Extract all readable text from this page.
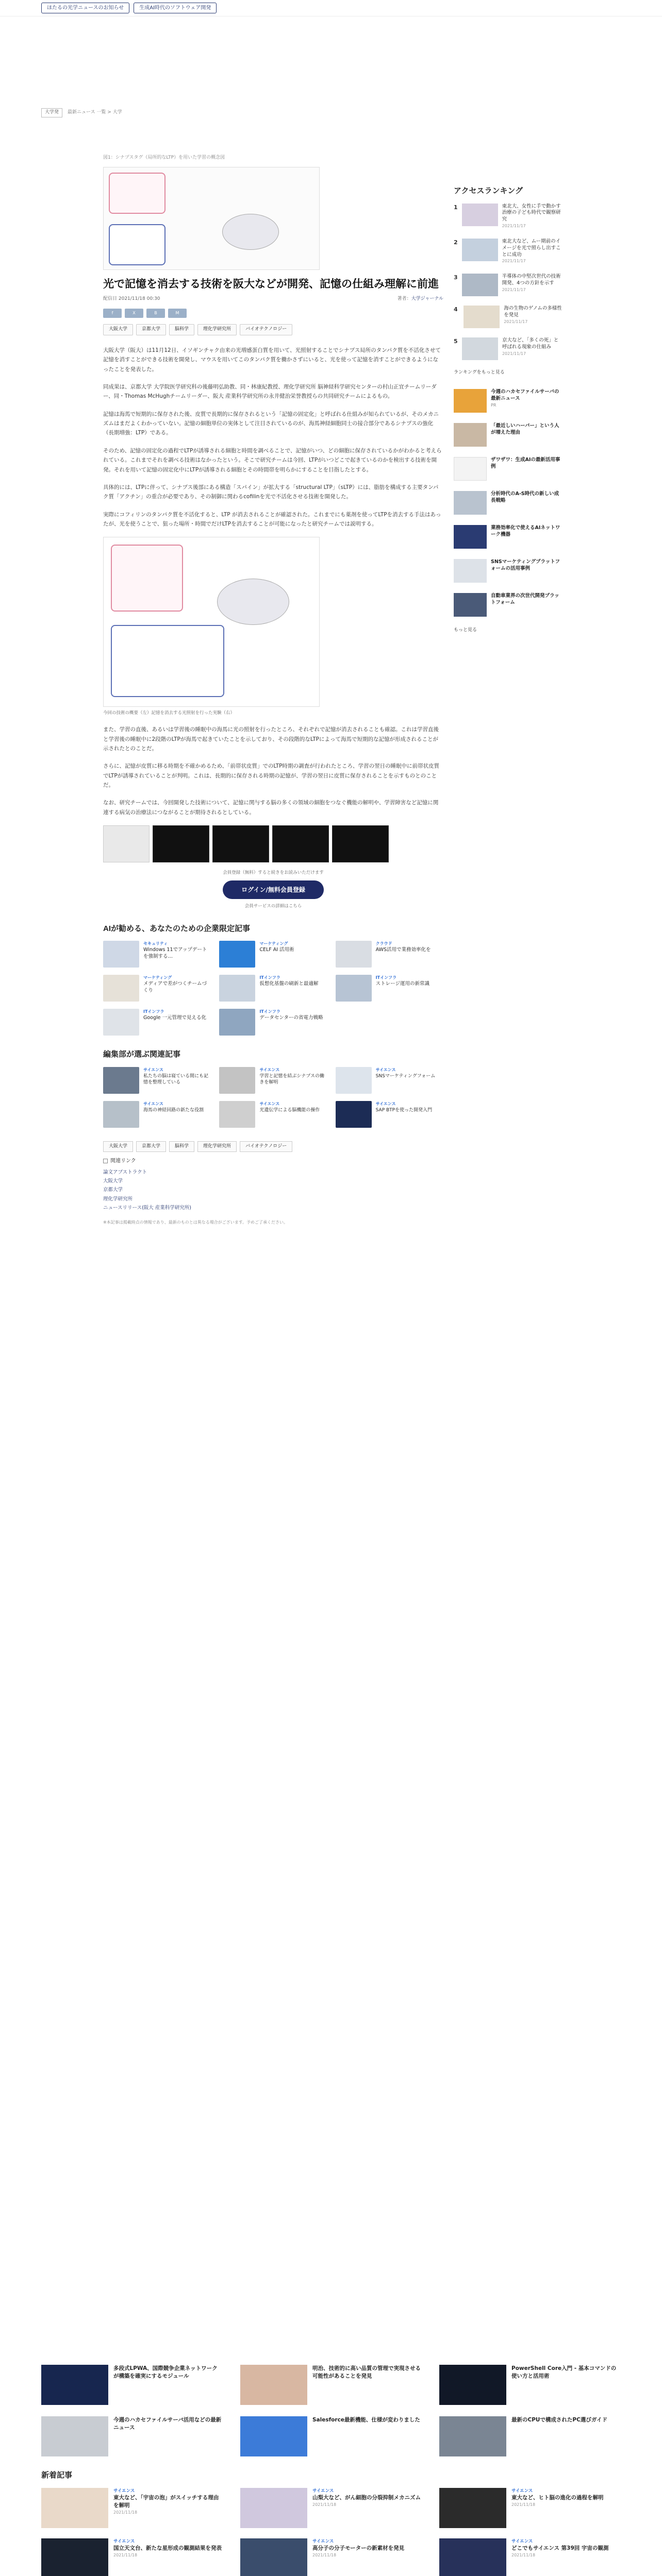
ほたるの光学ニュースのお知らせ	生成AI時代のソフトウェア開発
大学発	最新ニュース 一覧 > 大学
図1：シナプスタグ（局所的なLTP）を用いた学習の概念図
光で記憶を消去する技術を阪大などが開発、記憶の仕組み理解に前進
配信日 2021/11/18 00:30	著者：大学ジャーナル
f	X	B	M
大阪大学	京都大学	脳科学	理化学研究所	バイオテクノロジー

大阪大学（阪大）は11月12日、イソギンチャク由来の光増感蛋白質を用いて、光照射することでシナプス局所のタンパク質を不活化させて記憶を消すことができる技術を開発し、マウスを用いてこのタンパク質を働かさずにいると、光を使って記憶を消すことができるようになったことを発表した。

同成果は、京都大学 大学院医学研究科の後藤明弘助教、同・林康紀教授、理化学研究所 脳神経科学研究センターの村山正宜チームリーダー、同・Thomas McHughチームリーダー、阪大 産業科学研究所の永井健治栄誉教授らの共同研究チームによるもの。

記憶は海馬で短期的に保存された後、皮質で長期的に保存されるという「記憶の固定化」と呼ばれる仕組みが知られているが、そのメカニズムはまだよくわかっていない。記憶の細胞単位の実体として注目されているのが、海馬神経細胞同士の接合部分であるシナプスの強化（長期増強：LTP）である。

そのため、記憶の固定化の過程でLTPが誘導される細胞と時間を調べることで、記憶がいつ、どの細胞に保存されているかがわかると考えられている。これまでそれを調べる技術はなかったという。そこで研究チームは今回、LTPがいつどこで起きているのかを検出する技術を開発。それを用いて記憶の固定化中にLTPが誘導される細胞とその時間帯を明らかにすることを目指したとする。

具体的には、LTPに伴って、シナプス後部にある構造「スパイン」が拡大する「structural LTP」（sLTP）には、脂肪を構成する主要タンパク質「アクチン」の重合が必要であり、その制御に関わるcofilinを光で不活化させる技術を開発した。

実際にコフィリンのタンパク質を不活化すると、LTP が消去されることが確認された。これまでにも薬剤を使ってLTPを消去する手法はあったが、光を使うことで、狙った場所・時間でだけLTPを消去することが可能になったと研究チームでは説明する。

今回の技術の概要（左）記憶を消去する光照射を行った実験（右）

また、学習の直後、あるいは学習後の睡眠中の海馬に光の照射を行ったところ、それぞれで記憶が消去されることも確認。これは学習直後と学習後の睡眠中に2段階のLTPが海馬で起きていたことを示しており、その段階的なLTPによって海馬で短期的な記憶が形成されることが示されたとのことだ。

さらに、記憶が皮質に移る時期を不確かめるため、「前帯状皮質」でのLTP時期の調査が行われたところ、学習の翌日の睡眠中に前帯状皮質でLTPが誘導されていることが判明。これは、長期的に保存される時期の記憶が、学習の翌日に皮質に保存されることを示すものとのことだ。

なお、研究チームでは、今回開発した技術について、記憶に関与する脳の多くの領域の細胞をつなぐ機能の解明や、学習障害など記憶に関連する病気の治療法につながることが期待されるとしている。

会員登録（無料）すると続きをお読みいただけます
ログイン/無料会員登録
会員サービスの詳細はこちら
AIが勧める、あなたのための企業限定記事
セキュリティ
Windows 11でアップデートを強制する…
マーケティング
CELF AI 活用術
クラウド
AWS活用で業務効率化を
マーケティング
メディアで差がつくチームづくり
ITインフラ
仮想化基盤の刷新と最適解
ITインフラ
ストレージ運用の新常識
ITインフラ
Google 一元管理で見える化
ITインフラ
データセンターの省電力戦略
編集部が選ぶ関連記事
サイエンス
私たちの脳は寝ている間にも記憶を整理している
サイエンス
学習と記憶を結ぶシナプスの働きを解明
サイエンス
SNSマーケティングフォーム
サイエンス
海馬の神経回路の新たな役割
サイエンス
光遺伝学による脳機能の操作
サイエンス
SAP BTPを使った開発入門
大阪大学	京都大学	脳科学	理化学研究所	バイオテクノロジー
関連リンク
論文アブストラクト
大阪大学
京都大学
理化学研究所
ニュースリリース(阪大 産業科学研究所)
※本記事は掲載時点の情報であり、最新のものとは異なる場合がございます。予めご了承ください。
アクセスランキング
1	東北大、女性に手で動かす治療の子ども時代で観察研究
2021/11/17
2	東北大など、ムー期前のイメージを光で照らし出すことに成功
2021/11/17
3	半導体の中堅次世代の技術開発、4つの方針を示す
2021/11/17
4	海の生物のゲノムの多様性を発見
2021/11/17
5	京大など、「多くの死」と呼ばれる現象の仕組み
2021/11/17
ランキングをもっと見る
今週のハカセファイルサーバの最新ニュース
PR
「最近しいハーバー」という人が増えた理由
ザワザワ：生成AIの最新活用事例
分析時代のA-S時代の新しい成長戦略
業務効率化で使えるAIネットワーク機器
SNSマーケティングプラットフォームの活用事例
自動車業界の次世代開発プラットフォーム
もっと見る
多段式LPWA、国際競争企業ネットワークが構築を確実にするモジュール
明治、技術的に高い品質の管理で実現させる可能性があることを発見
PowerShell Core入門 - 基本コマンドの使い方と活用術
今週のハカセファイルサーバ活用などの最新ニュース
Salesforce最新機能、仕様が変わりました	最新のCPUで構成されたPC選びガイド
新着記事
サイエンス
東大など、「宇宙の泡」がスイッチする理由を解明
2021/11/18
サイエンス
山梨大など、がん細胞の分裂抑制メカニズム
2021/11/18
サイエンス
東大など、ヒト脳の進化の過程を解明
2021/11/18
サイエンス
国立天文台、新たな星形成の観測結果を発表
2021/11/18
サイエンス
高分子の分子モーターの新素材を発見
2021/11/18
サイエンス
どこでもサイエンス 第39回 宇宙の観測
2021/11/18
